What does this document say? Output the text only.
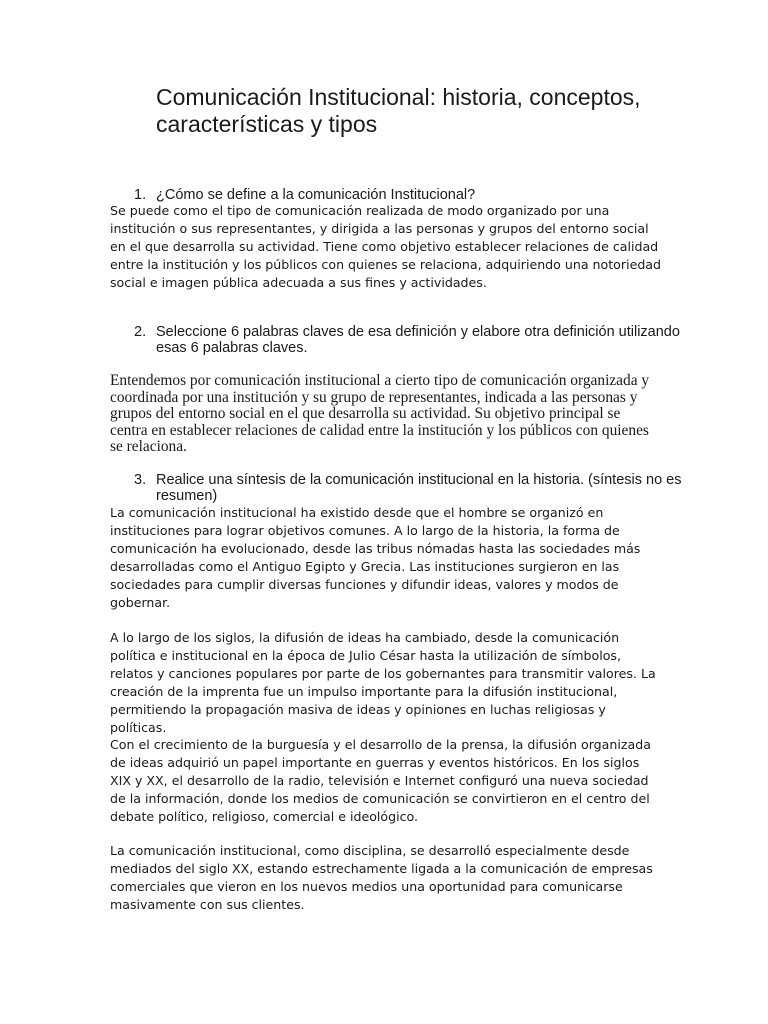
Comunicación Institucional: historia, conceptos, características y tipos
1. ¿Cómo se define a la comunicación Institucional?

Se puede como el tipo de comunicación realizada de modo organizado por una institución o sus representantes, y dirigida a las personas y grupos del entorno social en el que desarrolla su actividad. Tiene como objetivo establecer relaciones de calidad entre la institución y los públicos con quienes se relaciona, adquiriendo una notoriedad social e imagen pública adecuada a sus fines y actividades.

2. Seleccione 6 palabras claves de esa definición y elabore otra definición utilizando esas 6 palabras claves.

Entendemos por comunicación institucional a cierto tipo de comunicación organizada y coordinada por una institución y su grupo de representantes, indicada a las personas y grupos del entorno social en el que desarrolla su actividad. Su objetivo principal se centra en establecer relaciones de calidad entre la institución y los públicos con quienes se relaciona.

3. Realice una síntesis de la comunicación institucional en la historia. (síntesis no es resumen)

La comunicación institucional ha existido desde que el hombre se organizó en instituciones para lograr objetivos comunes. A lo largo de la historia, la forma de comunicación ha evolucionado, desde las tribus nómadas hasta las sociedades más desarrolladas como el Antiguo Egipto y Grecia. Las instituciones surgieron en las sociedades para cumplir diversas funciones y difundir ideas, valores y modos de gobernar.

A lo largo de los siglos, la difusión de ideas ha cambiado, desde la comunicación política e institucional en la época de Julio César hasta la utilización de símbolos, relatos y canciones populares por parte de los gobernantes para transmitir valores. La creación de la imprenta fue un impulso importante para la difusión institucional, permitiendo la propagación masiva de ideas y opiniones en luchas religiosas y políticas.

Con el crecimiento de la burguesía y el desarrollo de la prensa, la difusión organizada de ideas adquirió un papel importante en guerras y eventos históricos. En los siglos XIX y XX, el desarrollo de la radio, televisión e Internet configuró una nueva sociedad de la información, donde los medios de comunicación se convirtieron en el centro del debate político, religioso, comercial e ideológico.

La comunicación institucional, como disciplina, se desarrolló especialmente desde mediados del siglo XX, estando estrechamente ligada a la comunicación de empresas comerciales que vieron en los nuevos medios una oportunidad para comunicarse masivamente con sus clientes.
